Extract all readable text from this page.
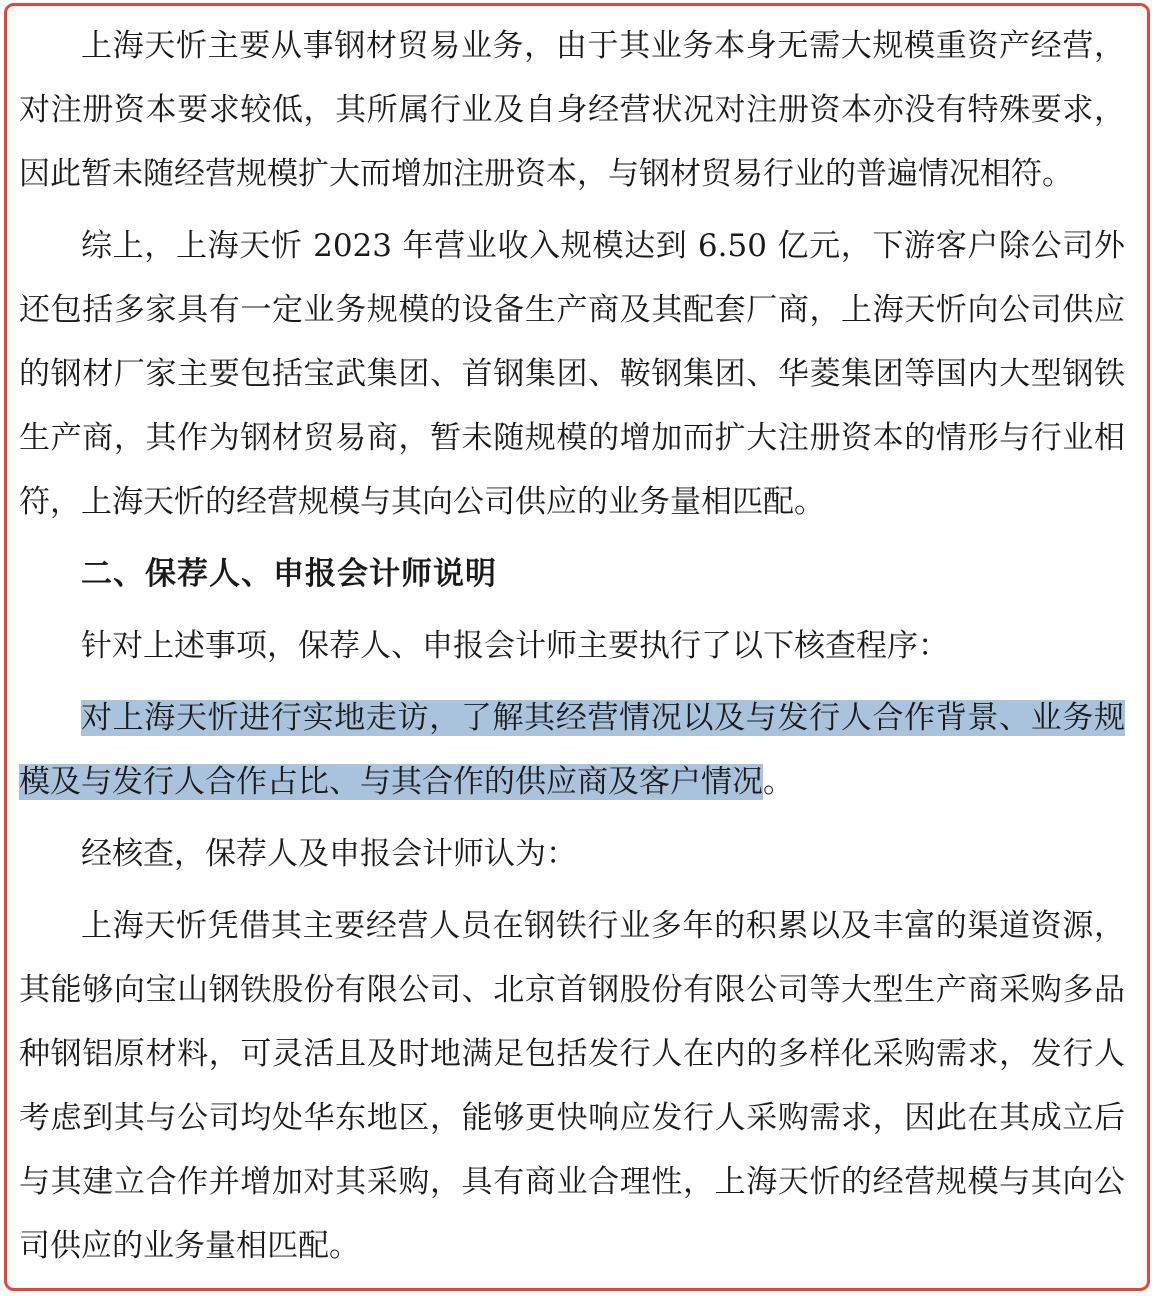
上海天忻主要从事钢材贸易业务，由于其业务本身无需大规模重资产经营，对注册资本要求较低，其所属行业及自身经营状况对注册资本亦没有特殊要求，因此暂未随经营规模扩大而增加注册资本，与钢材贸易行业的普遍情况相符。

综上，上海天忻 2023 年营业收入规模达到 6.50 亿元，下游客户除公司外还包括多家具有一定业务规模的设备生产商及其配套厂商，上海天忻向公司供应的钢材厂家主要包括宝武集团、首钢集团、鞍钢集团、华菱集团等国内大型钢铁生产商，其作为钢材贸易商，暂未随规模的增加而扩大注册资本的情形与行业相符，上海天忻的经营规模与其向公司供应的业务量相匹配。

二、保荐人、申报会计师说明

针对上述事项，保荐人、申报会计师主要执行了以下核查程序：

对上海天忻进行实地走访，了解其经营情况以及与发行人合作背景、业务规模及与发行人合作占比、与其合作的供应商及客户情况。

经核查，保荐人及申报会计师认为：

上海天忻凭借其主要经营人员在钢铁行业多年的积累以及丰富的渠道资源，其能够向宝山钢铁股份有限公司、北京首钢股份有限公司等大型生产商采购多品种钢铝原材料，可灵活且及时地满足包括发行人在内的多样化采购需求，发行人考虑到其与公司均处华东地区，能够更快响应发行人采购需求，因此在其成立后与其建立合作并增加对其采购，具有商业合理性，上海天忻的经营规模与其向公司供应的业务量相匹配。
